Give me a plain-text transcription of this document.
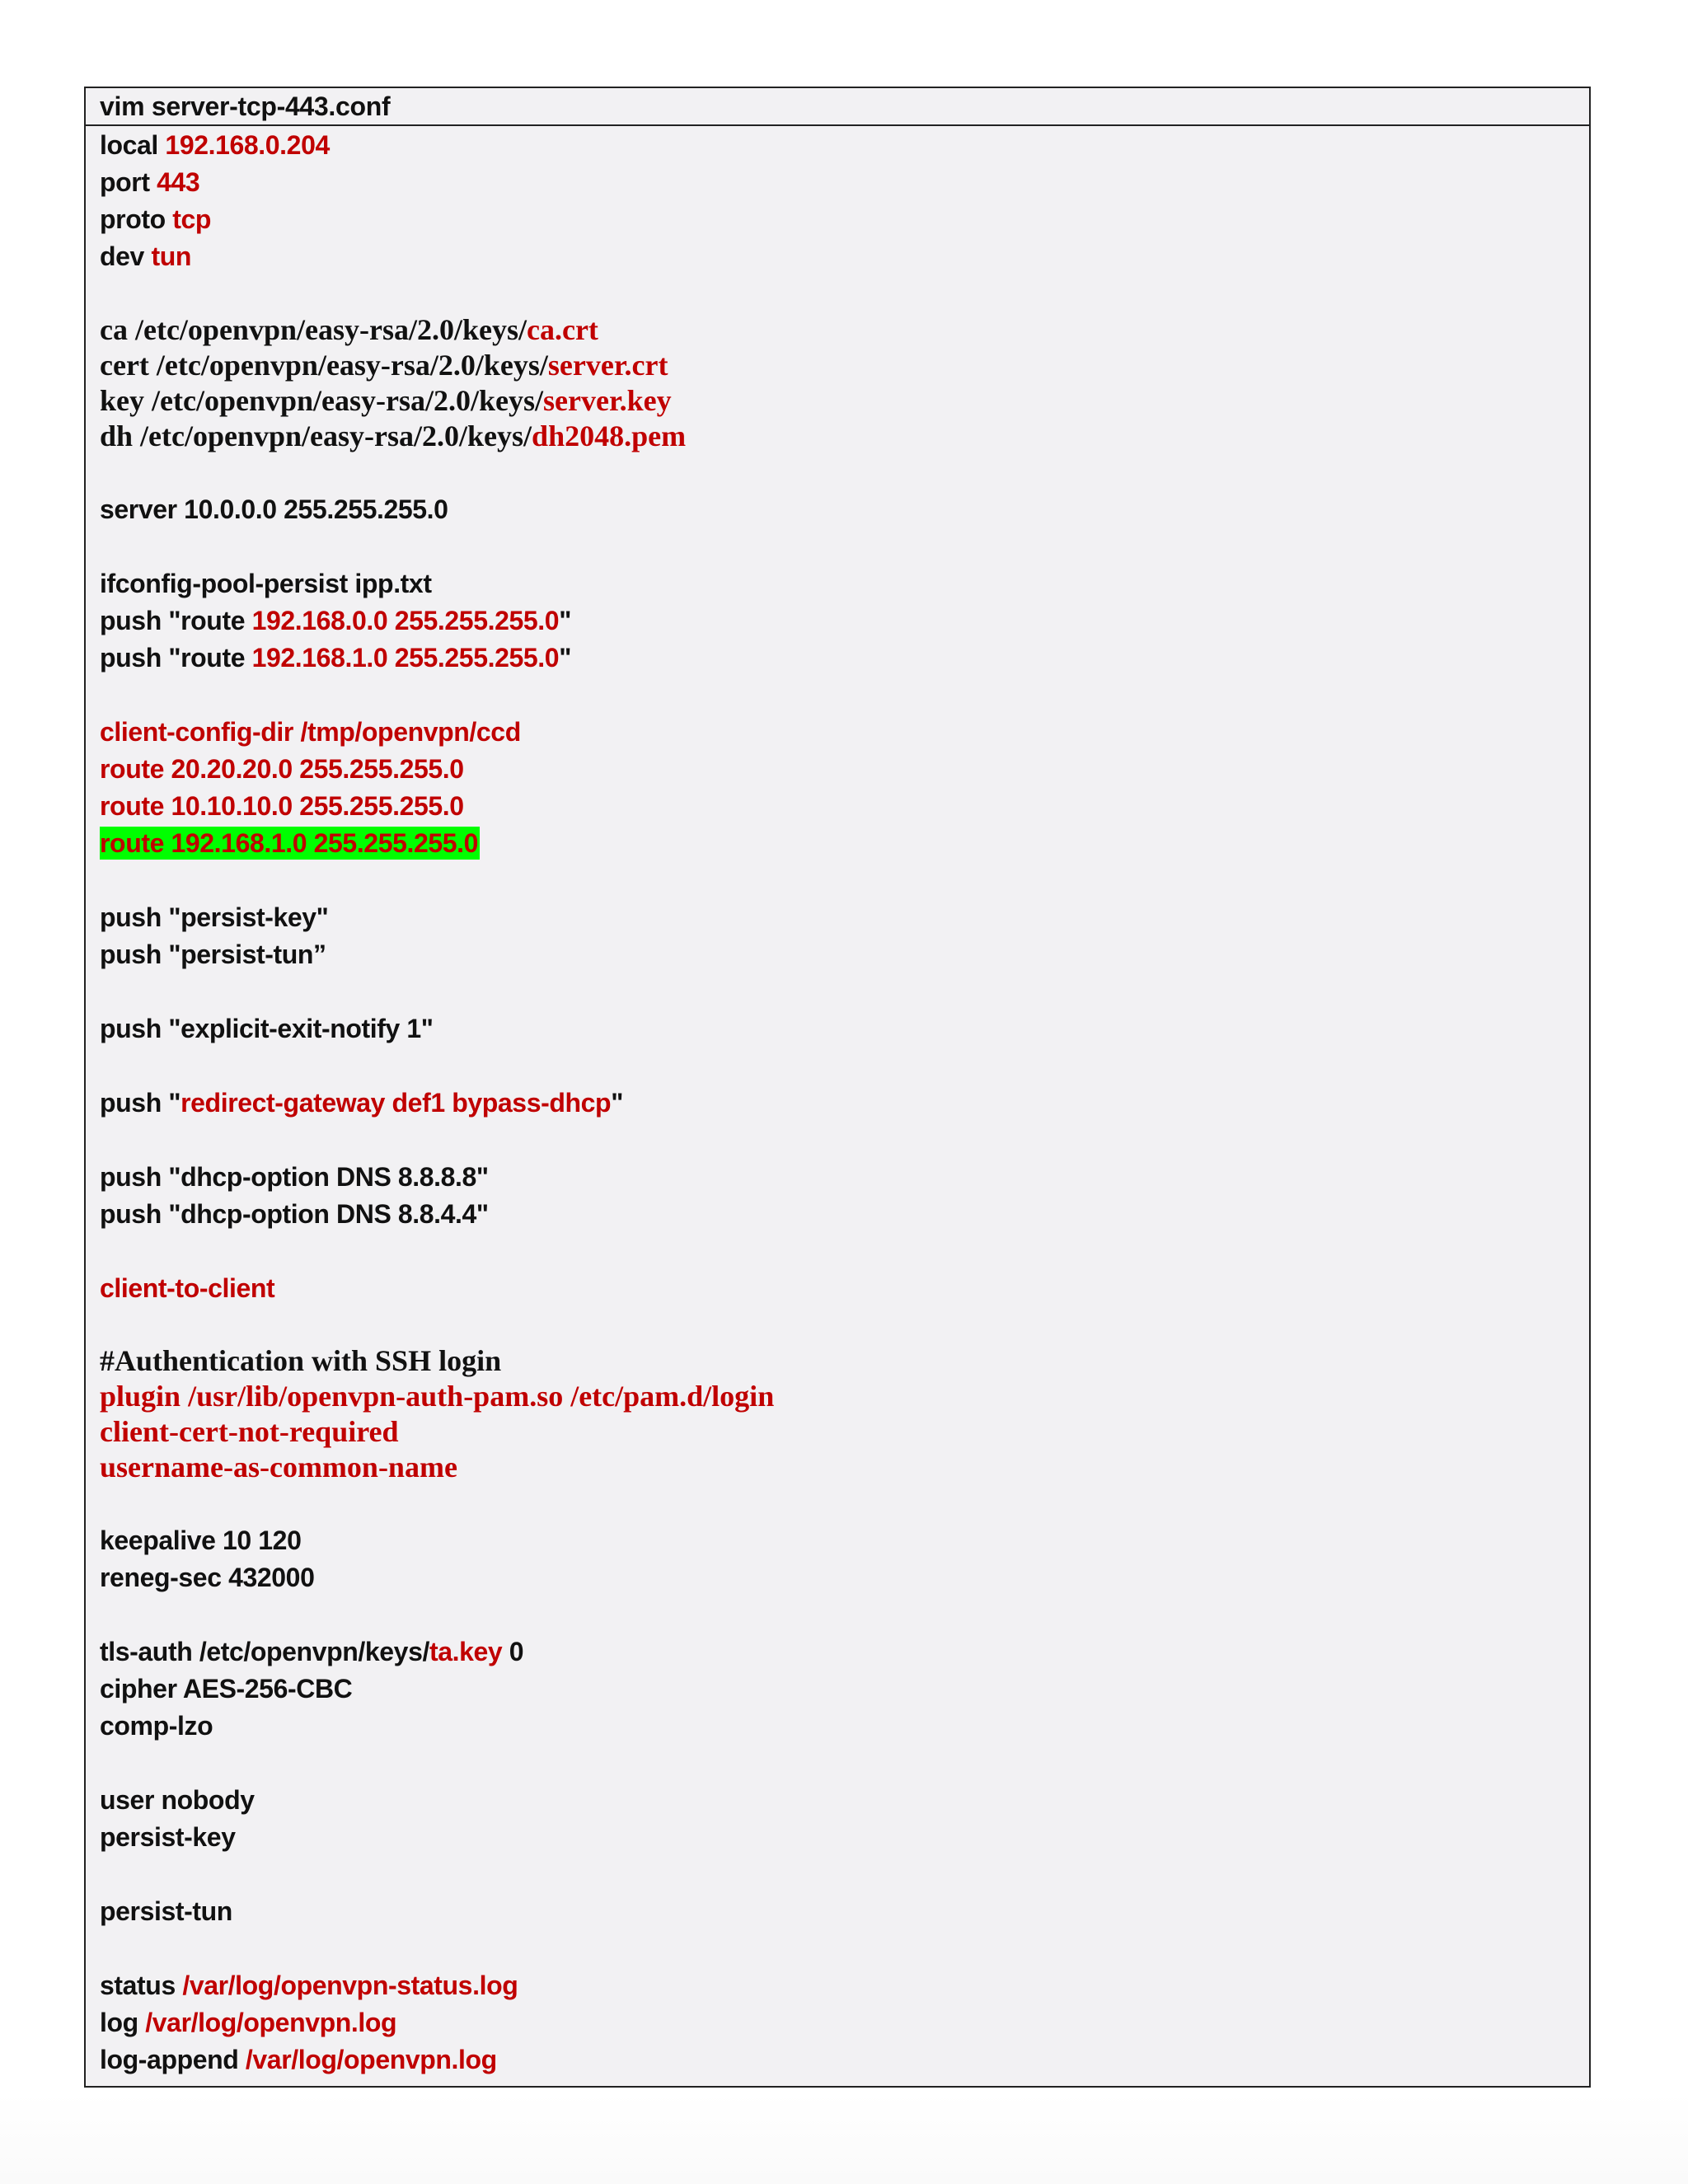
vim server-tcp-443.conf
local 192.168.0.204
port 443
proto tcp
dev tun
ca /etc/openvpn/easy-rsa/2.0/keys/ca.crt
cert /etc/openvpn/easy-rsa/2.0/keys/server.crt
key /etc/openvpn/easy-rsa/2.0/keys/server.key
dh /etc/openvpn/easy-rsa/2.0/keys/dh2048.pem
server 10.0.0.0 255.255.255.0
ifconfig-pool-persist ipp.txt
push "route 192.168.0.0 255.255.255.0"
push "route 192.168.1.0 255.255.255.0"
client-config-dir /tmp/openvpn/ccd
route 20.20.20.0 255.255.255.0
route 10.10.10.0 255.255.255.0
route 192.168.1.0 255.255.255.0
push "persist-key"
push "persist-tun”
push "explicit-exit-notify 1"
push "redirect-gateway def1 bypass-dhcp"
push "dhcp-option DNS 8.8.8.8"
push "dhcp-option DNS 8.8.4.4"
client-to-client
#Authentication with SSH login
plugin /usr/lib/openvpn-auth-pam.so /etc/pam.d/login
client-cert-not-required
username-as-common-name
keepalive 10 120
reneg-sec 432000
tls-auth /etc/openvpn/keys/ta.key 0
cipher AES-256-CBC
comp-lzo
user nobody
persist-key
persist-tun
status /var/log/openvpn-status.log
log /var/log/openvpn.log
log-append /var/log/openvpn.log
